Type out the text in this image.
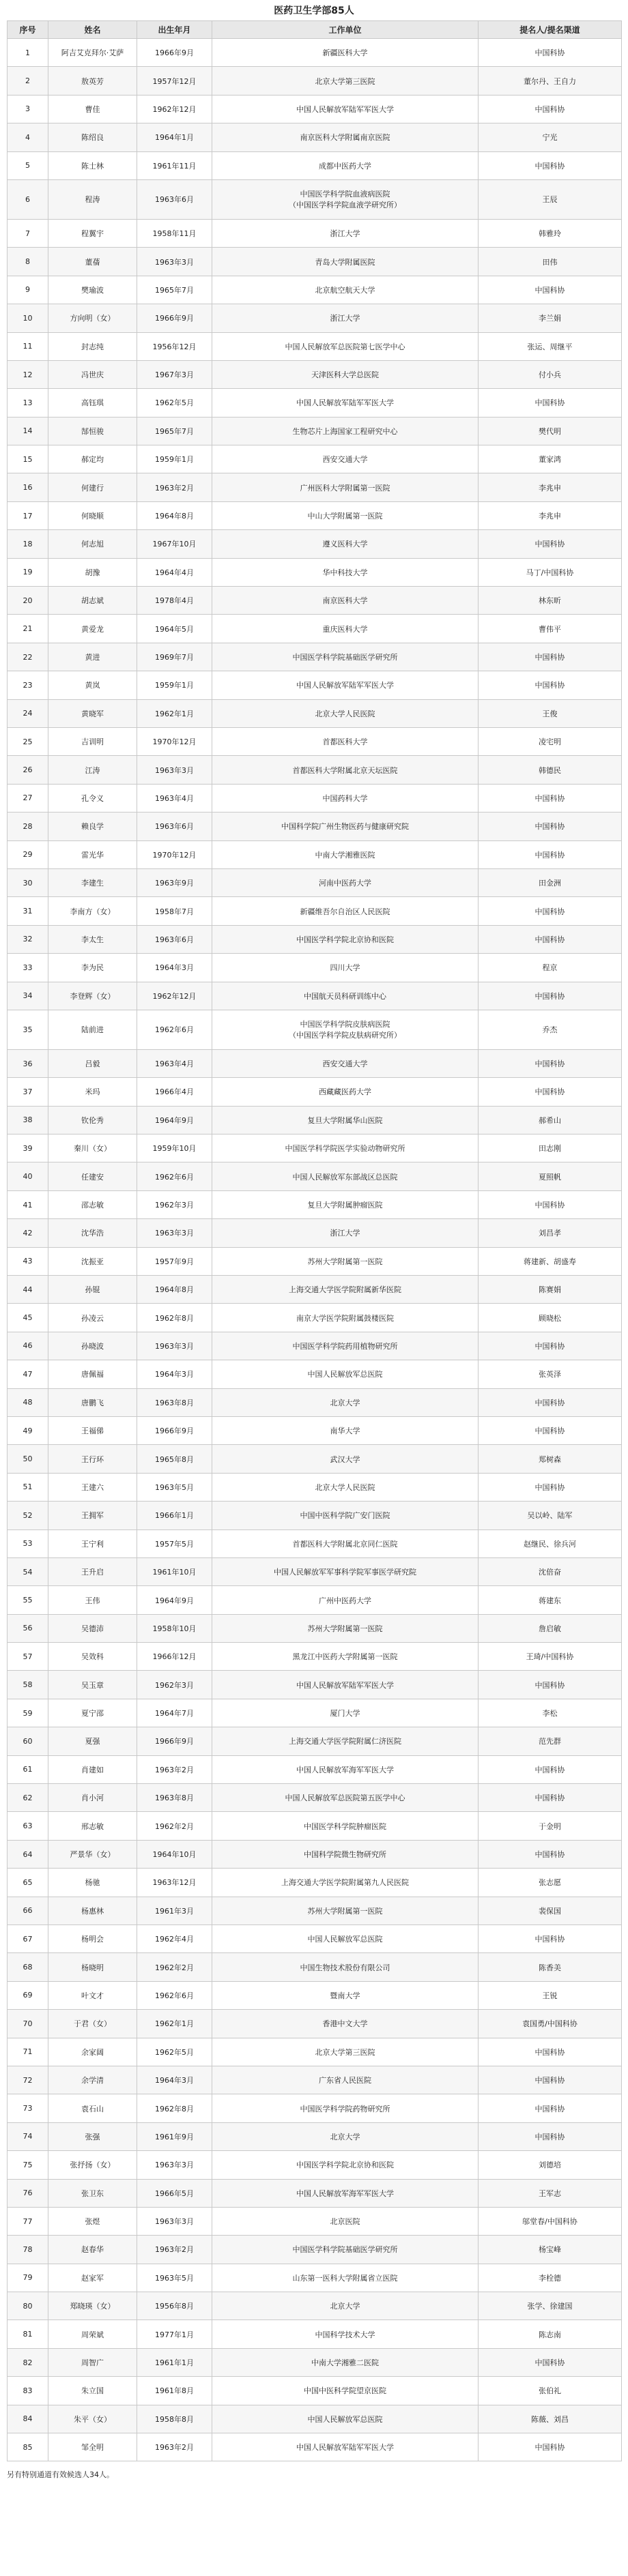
医药卫生学部85人
序号	姓名	出生年月	工作单位	提名人/提名渠道
1	阿吉艾克拜尔·艾萨	1966年9月	新疆医科大学	中国科协
2	敖英芳	1957年12月	北京大学第三医院	董尔丹、王自力
3	曹佳	1962年12月	中国人民解放军陆军军医大学	中国科协
4	陈绍良	1964年1月	南京医科大学附属南京医院	宁光
5	陈士林	1961年11月	成都中医药大学	中国科协
6	程涛	1963年6月	中国医学科学院血液病医院
（中国医学科学院血液学研究所）	王辰
7	程翼宇	1958年11月	浙江大学	韩雅玲
8	董蒨	1963年3月	青岛大学附属医院	田伟
9	樊瑜波	1965年7月	北京航空航天大学	中国科协
10	方向明（女）	1966年9月	浙江大学	李兰娟
11	封志纯	1956年12月	中国人民解放军总医院第七医学中心	张运、周继平
12	冯世庆	1967年3月	天津医科大学总医院	付小兵
13	高钰琪	1962年5月	中国人民解放军陆军军医大学	中国科协
14	郜恒骏	1965年7月	生物芯片上海国家工程研究中心	樊代明
15	郝定均	1959年1月	西安交通大学	董家鸿
16	何建行	1963年2月	广州医科大学附属第一医院	李兆申
17	何晓顺	1964年8月	中山大学附属第一医院	李兆申
18	何志旭	1967年10月	遵义医科大学	中国科协
19	胡豫	1964年4月	华中科技大学	马丁/中国科协
20	胡志斌	1978年4月	南京医科大学	林东昕
21	黄爱龙	1964年5月	重庆医科大学	曹伟平
22	黄进	1969年7月	中国医学科学院基础医学研究所	中国科协
23	黄岚	1959年1月	中国人民解放军陆军军医大学	中国科协
24	黄晓军	1962年1月	北京大学人民医院	王俊
25	吉训明	1970年12月	首都医科大学	凌宅明
26	江涛	1963年3月	首都医科大学附属北京天坛医院	韩德民
27	孔令义	1963年4月	中国药科大学	中国科协
28	赖良学	1963年6月	中国科学院广州生物医药与健康研究院	中国科协
29	雷光华	1970年12月	中南大学湘雅医院	中国科协
30	李建生	1963年9月	河南中医药大学	田金洲
31	李南方（女）	1958年7月	新疆维吾尔自治区人民医院	中国科协
32	李太生	1963年6月	中国医学科学院北京协和医院	中国科协
33	李为民	1964年3月	四川大学	程京
34	李登辉（女）	1962年12月	中国航天员科研训练中心	中国科协
35	陆前进	1962年6月	中国医学科学院皮肤病医院
（中国医学科学院皮肤病研究所）	乔杰
36	吕毅	1963年4月	西安交通大学	中国科协
37	米玛	1966年4月	西藏藏医药大学	中国科协
38	钦伦秀	1964年9月	复旦大学附属华山医院	郝希山
39	秦川（女）	1959年10月	中国医学科学院医学实验动物研究所	田志刚
40	任建安	1962年6月	中国人民解放军东部战区总医院	夏照帆
41	邵志敏	1962年3月	复旦大学附属肿瘤医院	中国科协
42	沈华浩	1963年3月	浙江大学	刘昌孝
43	沈振亚	1957年9月	苏州大学附属第一医院	蒋建新、胡盛寿
44	孙锟	1964年8月	上海交通大学医学院附属新华医院	陈赛娟
45	孙凌云	1962年8月	南京大学医学院附属鼓楼医院	顾晓松
46	孙晓波	1963年3月	中国医学科学院药用植物研究所	中国科协
47	唐佩福	1964年3月	中国人民解放军总医院	张英泽
48	唐鹏飞	1963年8月	北京大学	中国科协
49	王福俤	1966年9月	南华大学	中国科协
50	王行环	1965年8月	武汉大学	郑树森
51	王建六	1963年5月	北京大学人民医院	中国科协
52	王拥军	1966年1月	中国中医科学院广安门医院	吴以岭、陆军
53	王宁利	1957年5月	首都医科大学附属北京同仁医院	赵继民、徐兵河
54	王升启	1961年10月	中国人民解放军军事科学院军事医学研究院	沈倍奋
55	王伟	1964年9月	广州中医药大学	蒋建东
56	吴德沛	1958年10月	苏州大学附属第一医院	詹启敏
57	吴效科	1966年12月	黑龙江中医药大学附属第一医院	王琦/中国科协
58	吴玉章	1962年3月	中国人民解放军陆军军医大学	中国科协
59	夏宁邵	1964年7月	厦门大学	李松
60	夏强	1966年9月	上海交通大学医学院附属仁济医院	范先群
61	肖建如	1963年2月	中国人民解放军海军军医大学	中国科协
62	肖小河	1963年8月	中国人民解放军总医院第五医学中心	中国科协
63	邢志敏	1962年2月	中国医学科学院肿瘤医院	于金明
64	严景华（女）	1964年10月	中国科学院微生物研究所	中国科协
65	杨驰	1963年12月	上海交通大学医学院附属第九人民医院	张志愿
66	杨惠林	1961年3月	苏州大学附属第一医院	裴保国
67	杨明会	1962年4月	中国人民解放军总医院	中国科协
68	杨晓明	1962年2月	中国生物技术股份有限公司	陈香美
69	叶文才	1962年6月	暨南大学	王锐
70	于君（女）	1962年1月	香港中文大学	袁国勇/中国科协
71	余家阔	1962年5月	北京大学第三医院	中国科协
72	余学清	1964年3月	广东省人民医院	中国科协
73	袁石山	1962年8月	中国医学科学院药物研究所	中国科协
74	张强	1961年9月	北京大学	中国科协
75	张抒扬（女）	1963年3月	中国医学科学院北京协和医院	刘德培
76	张卫东	1966年5月	中国人民解放军海军军医大学	王军志
77	张煜	1963年3月	北京医院	邬堂春/中国科协
78	赵春华	1963年2月	中国医学科学院基础医学研究所	杨宝峰
79	赵家军	1963年5月	山东第一医科大学附属省立医院	李栓德
80	郑晓瑛（女）	1956年8月	北京大学	张学、徐建国
81	周荣斌	1977年1月	中国科学技术大学	陈志南
82	周智广	1961年1月	中南大学湘雅二医院	中国科协
83	朱立国	1961年8月	中国中医科学院望京医院	张伯礼
84	朱平（女）	1958年8月	中国人民解放军总医院	陈薇、刘昌
85	邹全明	1963年2月	中国人民解放军陆军军医大学	中国科协
另有特别通道有效候选人34人。
